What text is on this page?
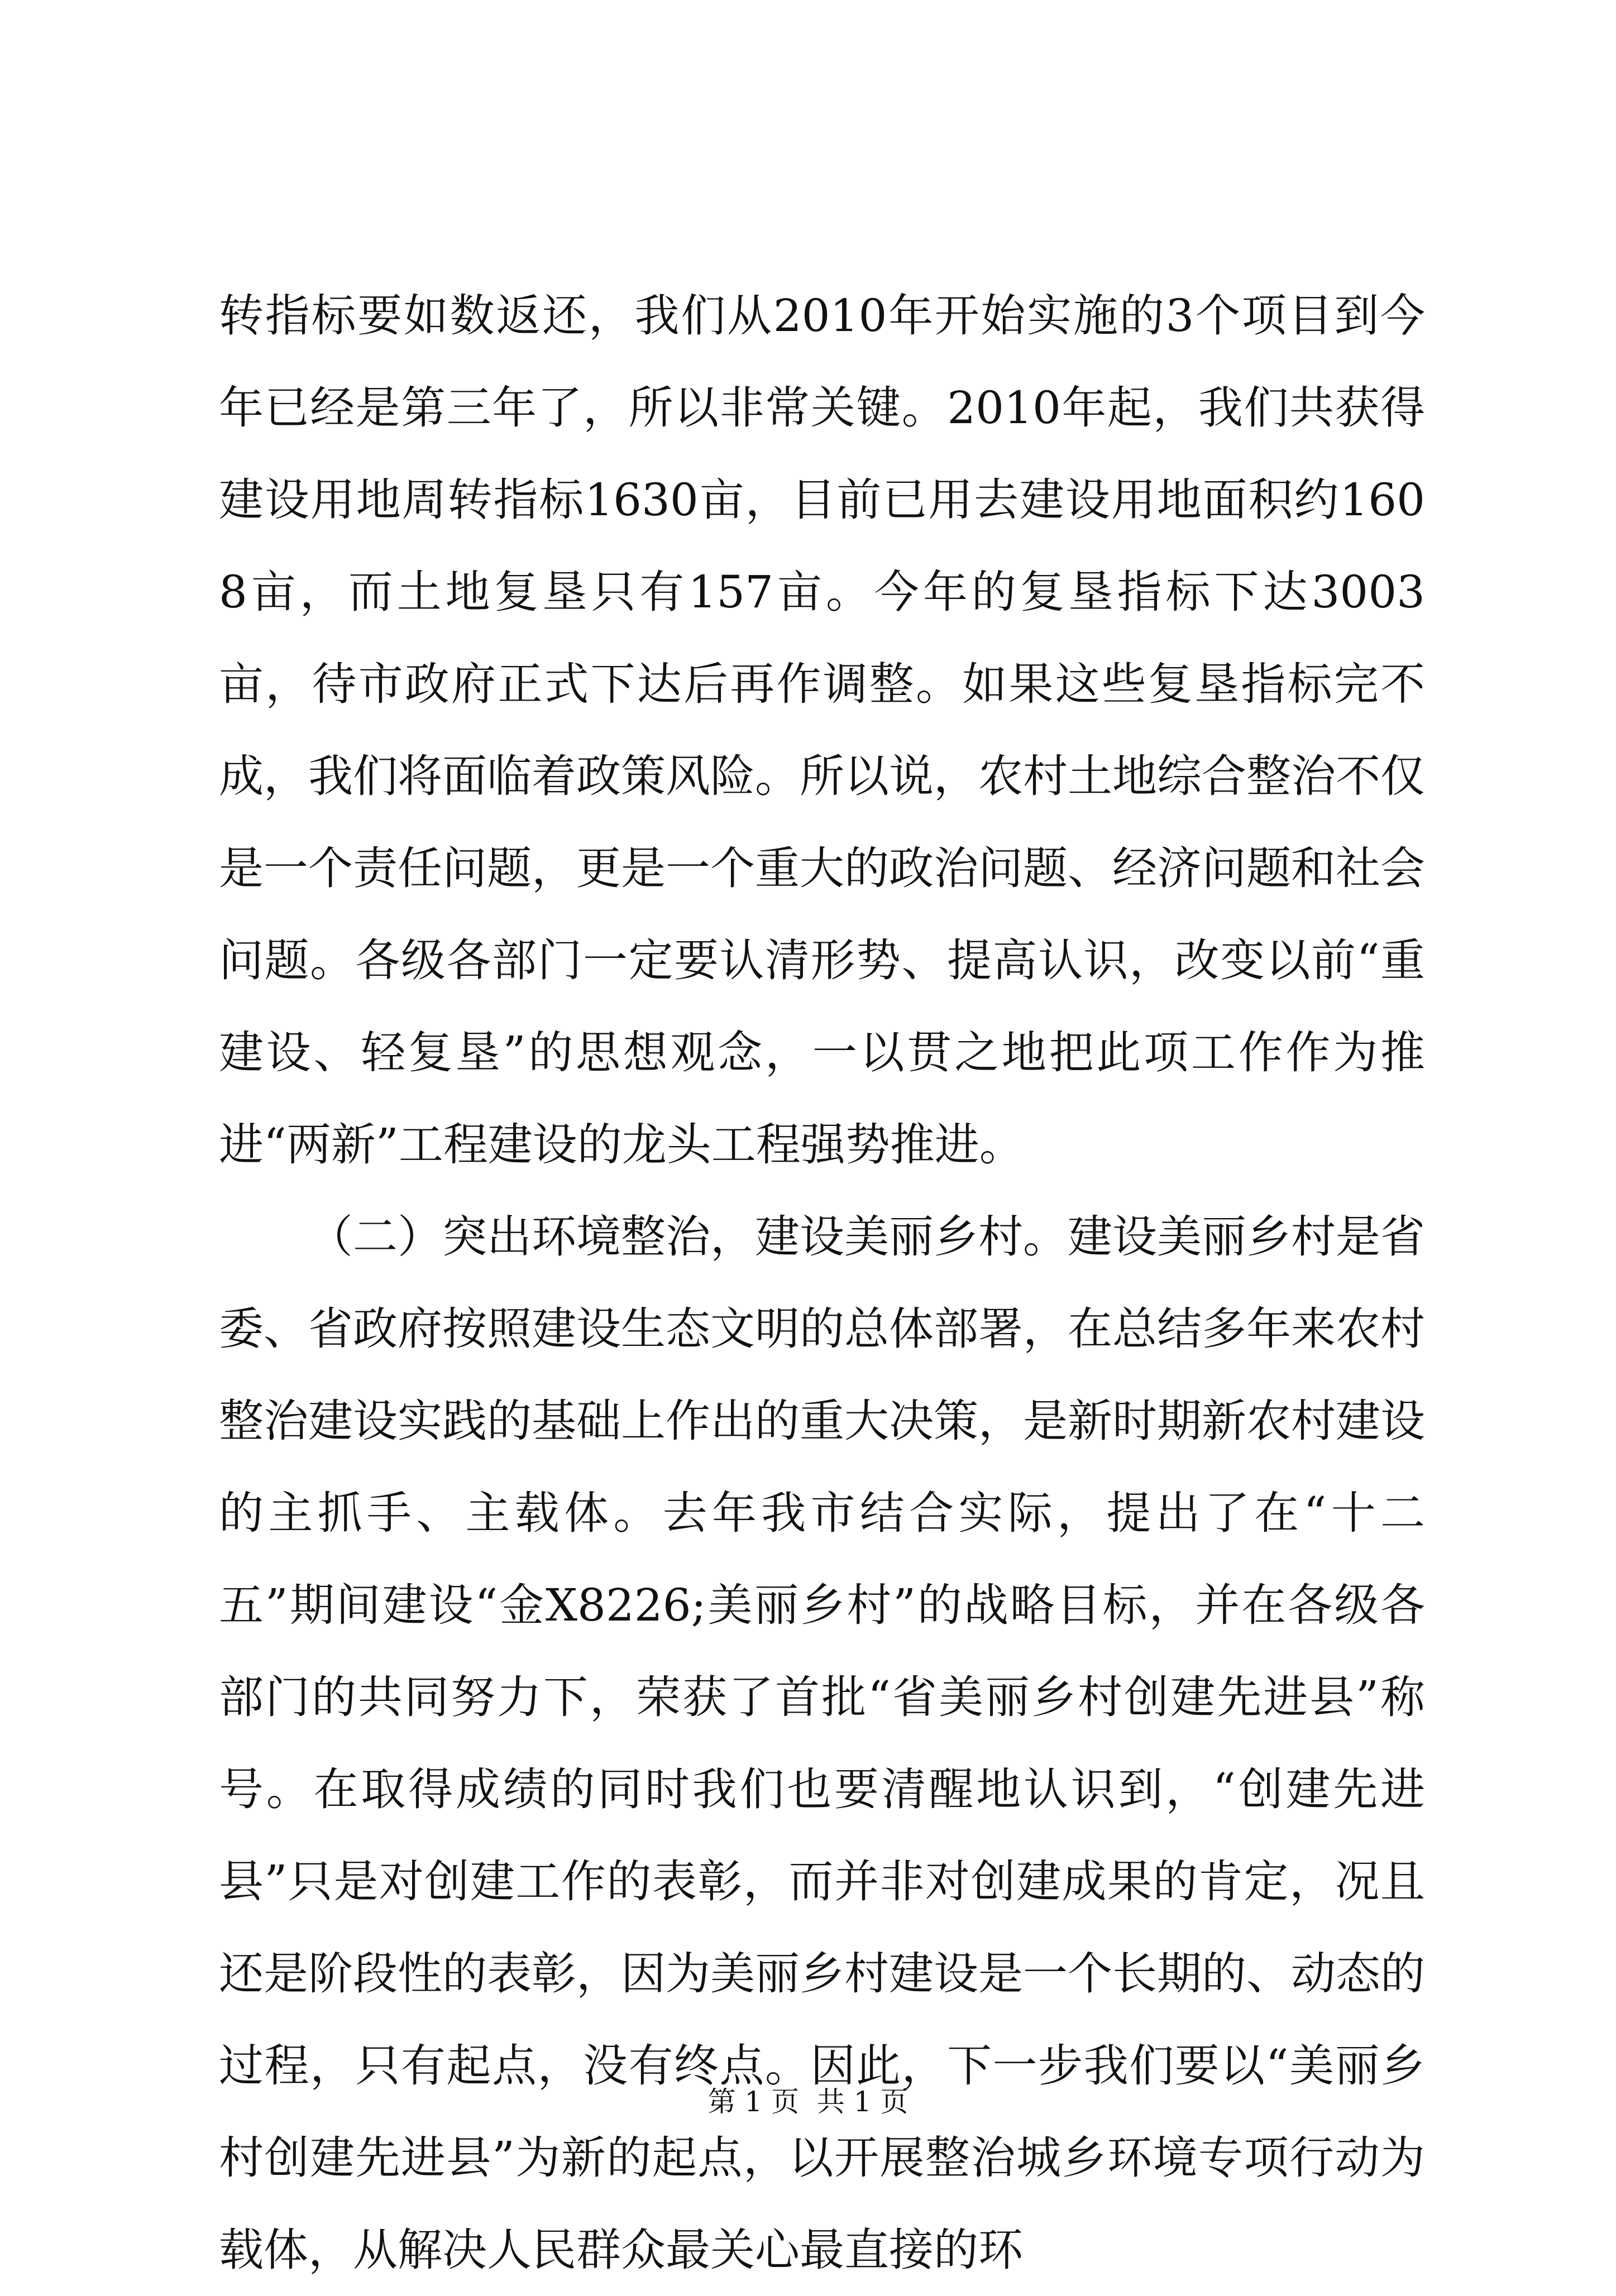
转指标要如数返还，我们从2010年开始实施的3个项目到今年已经是第三年了，所以非常关键。2010年起，我们共获得建设用地周转指标1630亩，目前已用去建设用地面积约1608亩，而土地复垦只有157亩。今年的复垦指标下达3003亩，待市政府正式下达后再作调整。如果这些复垦指标完不成，我们将面临着政策风险。所以说，农村土地综合整治不仅是一个责任问题，更是一个重大的政治问题、经济问题和社会问题。各级各部门一定要认清形势、提高认识，改变以前“重建设、轻复垦”的思想观念，一以贯之地把此项工作作为推进“两新”工程建设的龙头工程强势推进。

（二）突出环境整治，建设美丽乡村。建设美丽乡村是省委、省政府按照建设生态文明的总体部署，在总结多年来农村整治建设实践的基础上作出的重大决策，是新时期新农村建设的主抓手、主载体。去年我市结合实际，提出了在“十二五”期间建设“金X8226;美丽乡村”的战略目标，并在各级各部门的共同努力下，荣获了首批“省美丽乡村创建先进县”称号。在取得成绩的同时我们也要清醒地认识到，“创建先进县”只是对创建工作的表彰，而并非对创建成果的肯定，况且还是阶段性的表彰，因为美丽乡村建设是一个长期的、动态的过程，只有起点，没有终点。因此，下一步我们要以“美丽乡村创建先进县”为新的起点，以开展整治城乡环境专项行动为载体，从解决人民群众最关心最直接的环

第 1 页  共 1 页
